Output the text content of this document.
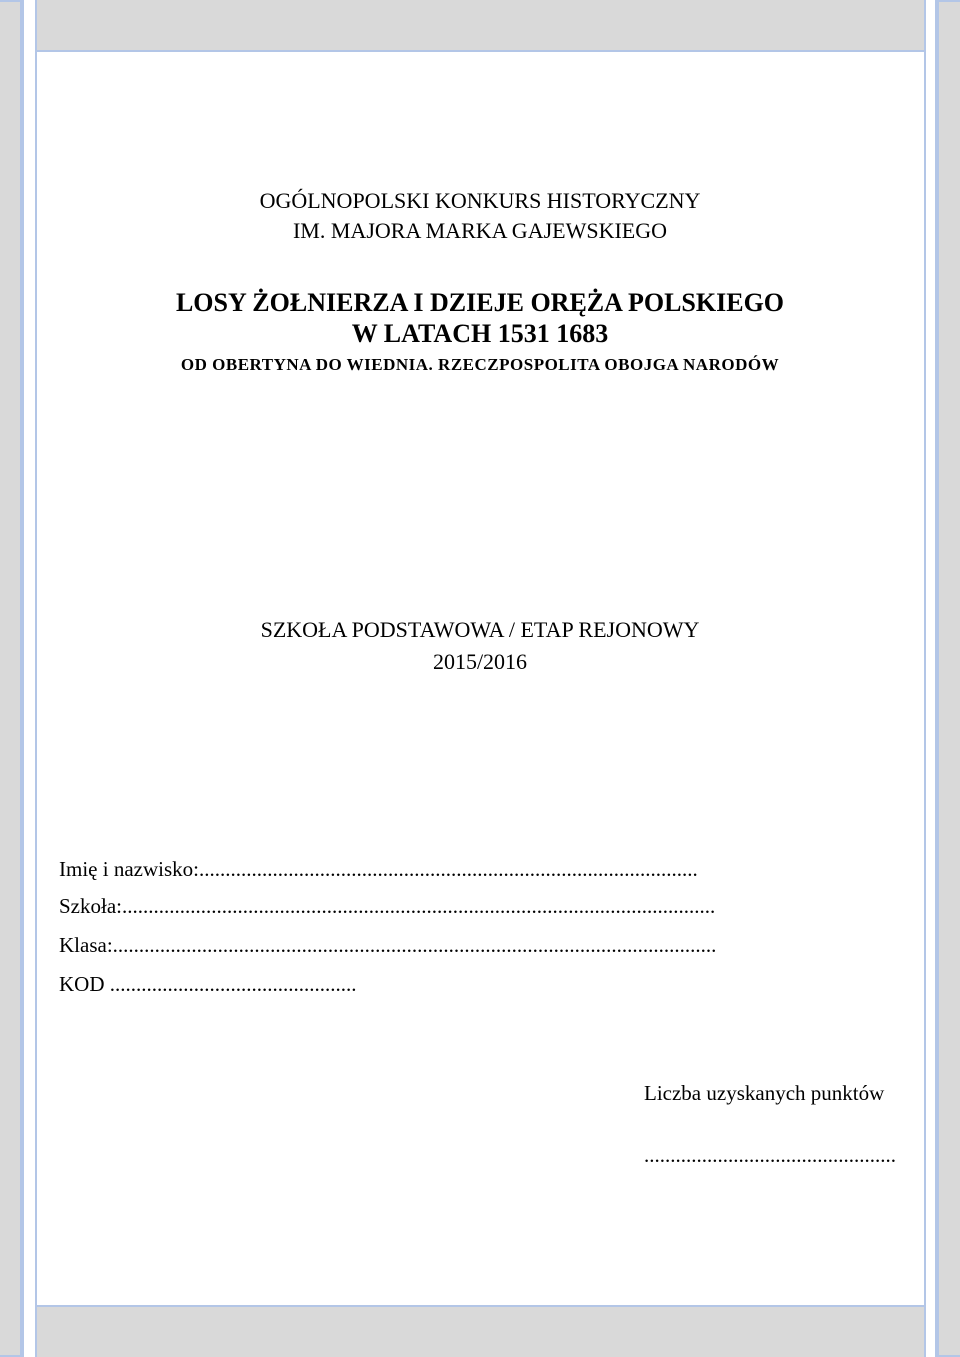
OGÓLNOPOLSKI KONKURS HISTORYCZNY
IM. MAJORA MARKA GAJEWSKIEGO
LOSY ŻOŁNIERZA I DZIEJE ORĘŻA POLSKIEGO
W LATACH 1531 1683
OD OBERTYNA DO WIEDNIA. RZECZPOSPOLITA OBOJGA NARODÓW
SZKOŁA PODSTAWOWA / ETAP REJONOWY
2015/2016
Imię i nazwisko:...............................................................................................
Szkoła:.................................................................................................................
Klasa:...................................................................................................................
KOD ...............................................
Liczba uzyskanych punktów
................................................
